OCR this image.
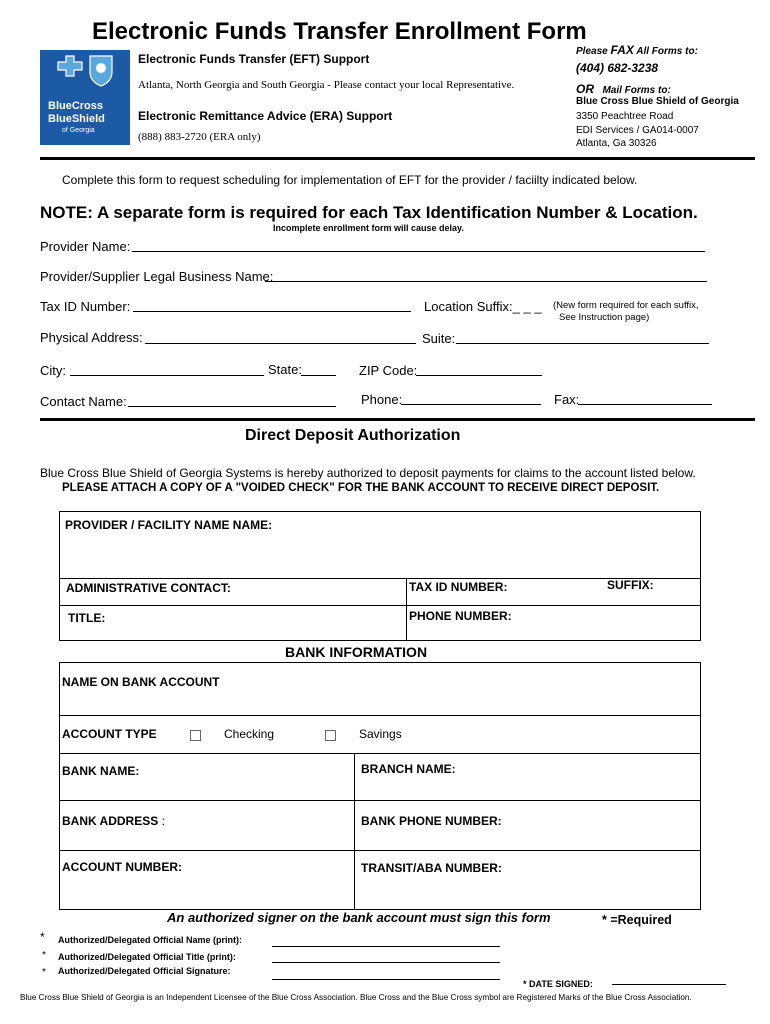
Electronic Funds Transfer Enrollment Form
BlueCross
BlueShield
of Georgia
Electronic Funds Transfer (EFT) Support
Atlanta, North Georgia and South Georgia - Please contact your local Representative.
Electronic Remittance Advice (ERA) Support
(888) 883-2720 (ERA only)
Please FAX All Forms to:
(404) 682-3238
OR Mail Forms to:
Blue Cross Blue Shield of Georgia
3350 Peachtree Road
EDI Services / GA014-0007
Atlanta, Ga 30326
Complete this form to request scheduling for implementation of EFT for the provider / faciilty indicated below.
NOTE: A separate form is required for each Tax Identification Number & Location.
Incomplete enrollment form will cause delay.
Provider Name:
Provider/Supplier Legal Business Name:
Tax ID Number:	Location Suffix:_ _ _ (New form required for each suffix,
See Instruction page)
Physical Address:	Suite:
City:	State:	ZIP Code:
Contact Name:	Phone:	Fax:
Direct Deposit Authorization
Blue Cross Blue Shield of Georgia Systems is hereby authorized to deposit payments for claims to the account listed below.
PLEASE ATTACH A COPY OF A "VOIDED CHECK" FOR THE BANK ACCOUNT TO RECEIVE DIRECT DEPOSIT.
PROVIDER / FACILITY NAME NAME:
ADMINISTRATIVE CONTACT:	TAX ID NUMBER:	SUFFIX:
TITLE:	PHONE NUMBER:
BANK INFORMATION
NAME ON BANK ACCOUNT
ACCOUNT TYPE	Checking	Savings
BANK NAME:	BRANCH NAME:
BANK ADDRESS :	BANK PHONE NUMBER:
ACCOUNT NUMBER:	TRANSIT/ABA NUMBER:
An authorized signer on the bank account must sign this form	* =Required
* Authorized/Delegated Official Name (print):
* Authorized/Delegated Official Title (print):
* Authorized/Delegated Official Signature:
* DATE SIGNED:
Blue Cross Blue Shield of Georgia is an Independent Licensee of the Blue Cross Association. Blue Cross and the Blue Cross symbol are Registered Marks of the Blue Cross Association.
